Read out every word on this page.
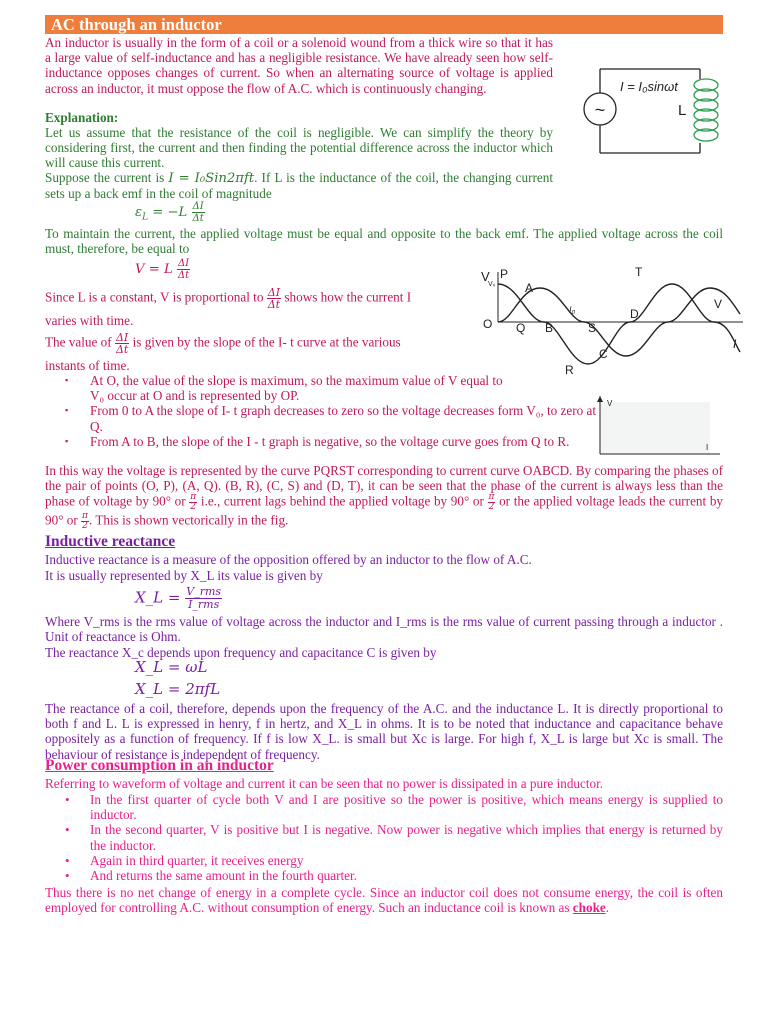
AC through an inductor
An inductor is usually in the form of a coil or a solenoid wound from a thick wire so that it has a large value of self-inductance and has a negligible resistance. We have already seen how self-inductance opposes changes of current. So when an alternating source of voltage is applied across an inductor, it must oppose the flow of A.C. which is continuously changing.
Explanation:
Let us assume that the resistance of the coil is negligible. We can simplify the theory by considering first, the current and then finding the potential difference across the inductor which will cause this current.
Suppose the current is I = I₀Sin2πft. If L is the inductance of the coil, the changing current sets up a back emf in the coil of magnitude
$\varepsilon_L = -L \frac{\Delta I}{\Delta t}$
To maintain the current, the applied voltage must be equal and opposite to the back emf. The applied voltage across the coil must, therefore, be equal to
V = L $\frac{\Delta I}{\Delta t}$
Since L is a constant, V is proportional to $\frac{\Delta I}{\Delta t}$ shows how the current I
varies with time.
The value of $\frac{\Delta I}{\Delta t}$ is given by the slope of the I- t curve at the various
instants of time.
▪ At O, the value of the slope is maximum, so the maximum value of V equal to V₀ occur at O and is represented by OP.
▪ From 0 to A the slope of I- t graph decreases to zero so the voltage decreases form V₀, to zero at Q.
▪ From A to B, the slope of the I - t graph is negative, so the voltage curve goes from Q to R.
In this way the voltage is represented by the curve PQRST corresponding to current curve OABCD. By comparing the phases of the pair of points (O, P), (A, Q). (B, R), (C, S) and (D, T), it can be seen that the phase of the current is always less than the phase of voltage by 90° or $\frac{\pi}{2} i.e$., current lags behind the applied voltage by 90° or $\frac{\pi}{2}$ or the applied voltage leads the current by 90° or $\frac{\pi}{2}$ . This is shown vectorically in the fig.
Inductive reactance
Inductive reactance is a measure of the opposition offered by an inductor to the flow of A.C.
It is usually represented by X_L its value is given by
X_L = $\frac{\text{V\_rms}}{\text{I\_rms}}$
Where V_rms is the rms value of voltage across the inductor and I_rms is the rms value of current passing through a inductor . Unit of reactance is Ohm.
The reactance X_c depends upon frequency and capacitance C is given by
X_L = ωL
X_L = 2πfL
The reactance of a coil, therefore, depends upon the frequency of the A.C. and the inductance L. It is directly proportional to both f and L. L is expressed in henry, f in hertz, and X_L in ohms. It is to be noted that inductance and capacitance behave oppositely as a function of frequency. If f is low X_L. is small but Xc is large. For high f, X_L is large but Xc is small. The behaviour of resistance is independent of frequency.
Power consumption in an inductor
Referring to waveform of voltage and current it can be seen that no power is dissipated in a pure inductor.
• In the first quarter of cycle both V and I are positive so the power is positive, which means energy is supplied to inductor.
• In the second quarter, V is positive but I is negative. Now power is negative which implies that energy is returned by the inductor.
• Again in third quarter, it receives energy
• And returns the same amount in the fourth quarter.
Thus there is no net change of energy in a complete cycle. Since an inductor coil does not consume energy, the coil is often employed for controlling A.C. without consumption of energy. Such an inductance coil is known as choke.
~
I = I₀sinωt
L
V
V₀
P
A
T
V
O Q B	S
D
I
C
R
I₀
V
I
